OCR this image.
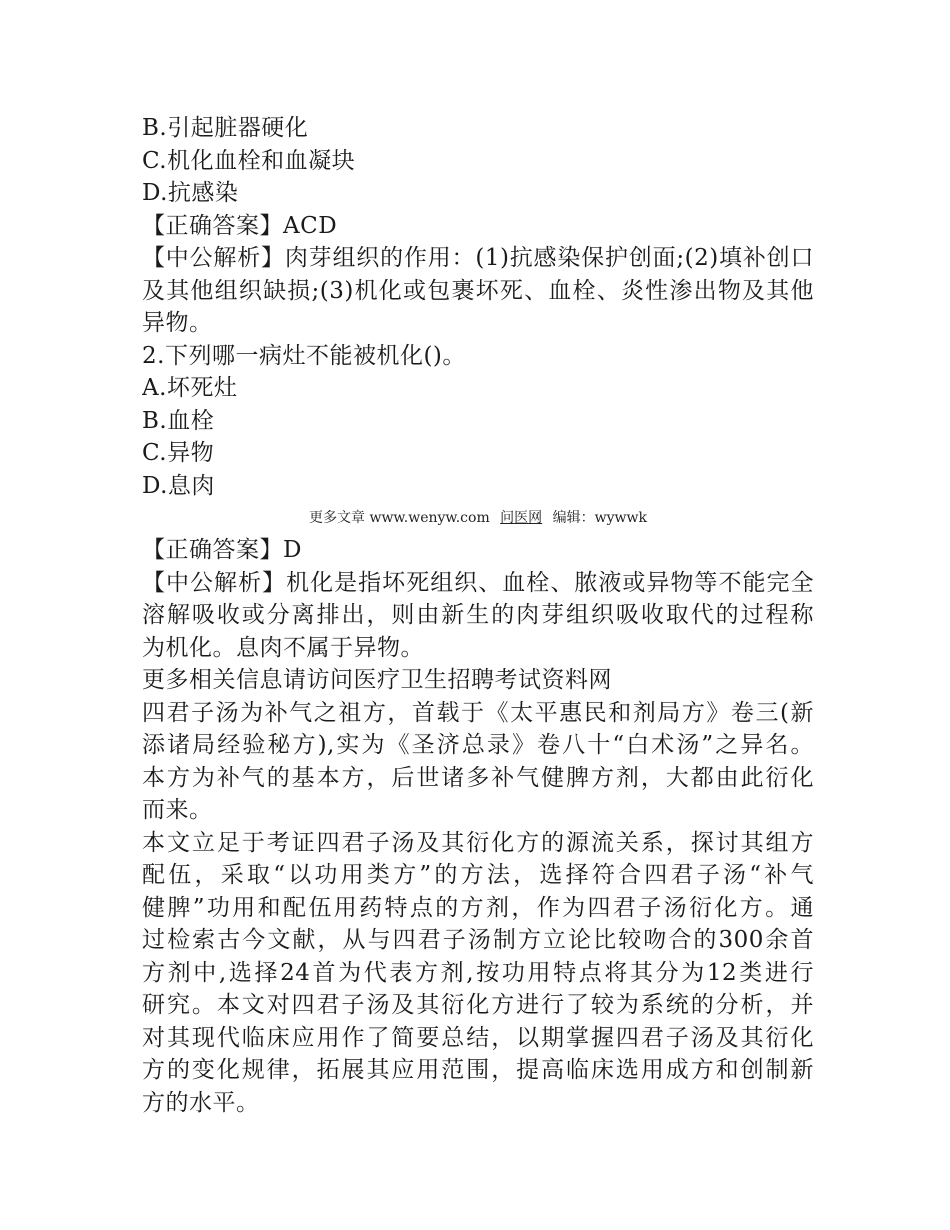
B.引起脏器硬化
C.机化血栓和血凝块
D.抗感染
【正确答案】ACD
【中公解析】肉芽组织的作用：(1)抗感染保护创面;(2)填补创口
及其他组织缺损;(3)机化或包裹坏死、血栓、炎性渗出物及其他
异物。
2.下列哪一病灶不能被机化()。
A.坏死灶
B.血栓
C.异物
D.息肉
更多文章 www.wenyw.com 问医网 编辑：wywwk
【正确答案】D
【中公解析】机化是指坏死组织、血栓、脓液或异物等不能完全
溶解吸收或分离排出，则由新生的肉芽组织吸收取代的过程称
为机化。息肉不属于异物。
更多相关信息请访问医疗卫生招聘考试资料网
四君子汤为补气之祖方，首载于《太平惠民和剂局方》卷三(新
添诸局经验秘方),实为《圣济总录》卷八十“白术汤”之异名。
本方为补气的基本方，后世诸多补气健脾方剂，大都由此衍化
而来。
本文立足于考证四君子汤及其衍化方的源流关系，探讨其组方
配伍，采取“以功用类方”的方法，选择符合四君子汤“补气
健脾”功用和配伍用药特点的方剂，作为四君子汤衍化方。通
过检索古今文献，从与四君子汤制方立论比较吻合的300余首
方剂中,选择24首为代表方剂,按功用特点将其分为12类进行
研究。本文对四君子汤及其衍化方进行了较为系统的分析，并
对其现代临床应用作了简要总结，以期掌握四君子汤及其衍化
方的变化规律，拓展其应用范围，提高临床选用成方和创制新
方的水平。
